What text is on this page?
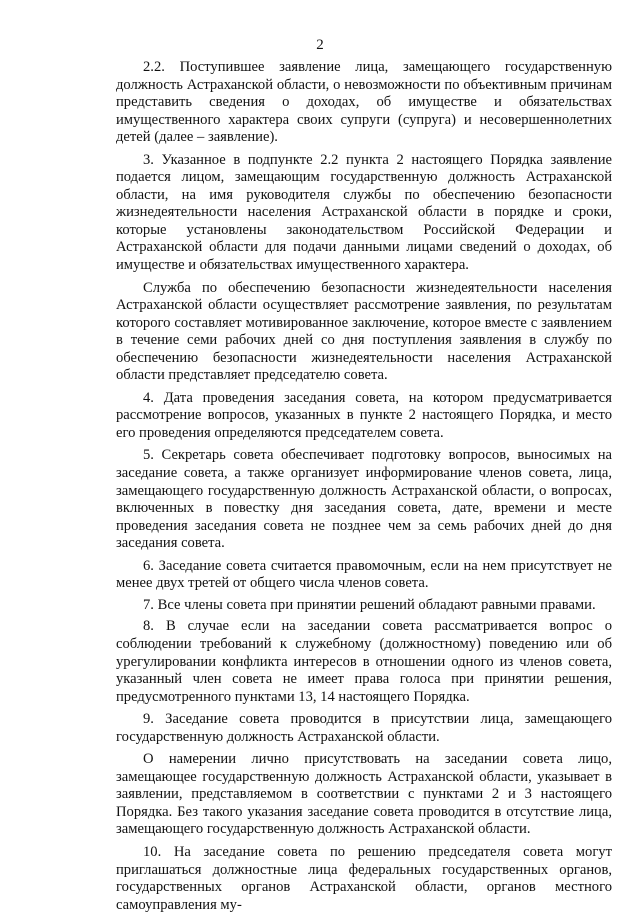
2

2.2. Поступившее заявление лица, замещающего государственную должность Астраханской области, о невозможности по объективным причинам представить сведения о доходах, об имуществе и обязательствах имущественного характера своих супруги (супруга) и несовершеннолетних детей (далее – заявление).

3. Указанное в подпункте 2.2 пункта 2 настоящего Порядка заявление подается лицом, замещающим государственную должность Астраханской области, на имя руководителя службы по обеспечению безопасности жизнедеятельности населения Астраханской области в порядке и сроки, которые установлены законодательством Российской Федерации и Астраханской области для подачи данными лицами сведений о доходах, об имуществе и обязательствах имущественного характера.

Служба по обеспечению безопасности жизнедеятельности населения Астраханской области осуществляет рассмотрение заявления, по результатам которого составляет мотивированное заключение, которое вместе с заявлением в течение семи рабочих дней со дня поступления заявления в службу по обеспечению безопасности жизнедеятельности населения Астраханской области представляет председателю совета.

4. Дата проведения заседания совета, на котором предусматривается рассмотрение вопросов, указанных в пункте 2 настоящего Порядка, и место его проведения определяются председателем совета.

5. Секретарь совета обеспечивает подготовку вопросов, выносимых на заседание совета, а также организует информирование членов совета, лица, замещающего государственную должность Астраханской области, о вопросах, включенных в повестку дня заседания совета, дате, времени и месте проведения заседания совета не позднее чем за семь рабочих дней до дня заседания совета.

6. Заседание совета считается правомочным, если на нем присутствует не менее двух третей от общего числа членов совета.

7. Все члены совета при принятии решений обладают равными правами.

8. В случае если на заседании совета рассматривается вопрос о соблюдении требований к служебному (должностному) поведению или об урегулировании конфликта интересов в отношении одного из членов совета, указанный член совета не имеет права голоса при принятии решения, предусмотренного пунктами 13, 14 настоящего Порядка.

9. Заседание совета проводится в присутствии лица, замещающего государственную должность Астраханской области.

О намерении лично присутствовать на заседании совета лицо, замещающее государственную должность Астраханской области, указывает в заявлении, представляемом в соответствии с пунктами 2 и 3 настоящего Порядка. Без такого указания заседание совета проводится в отсутствие лица, замещающего государственную должность Астраханской области.

10. На заседание совета по решению председателя совета могут приглашаться должностные лица федеральных государственных органов, государственных органов Астраханской области, органов местного самоуправления му-
